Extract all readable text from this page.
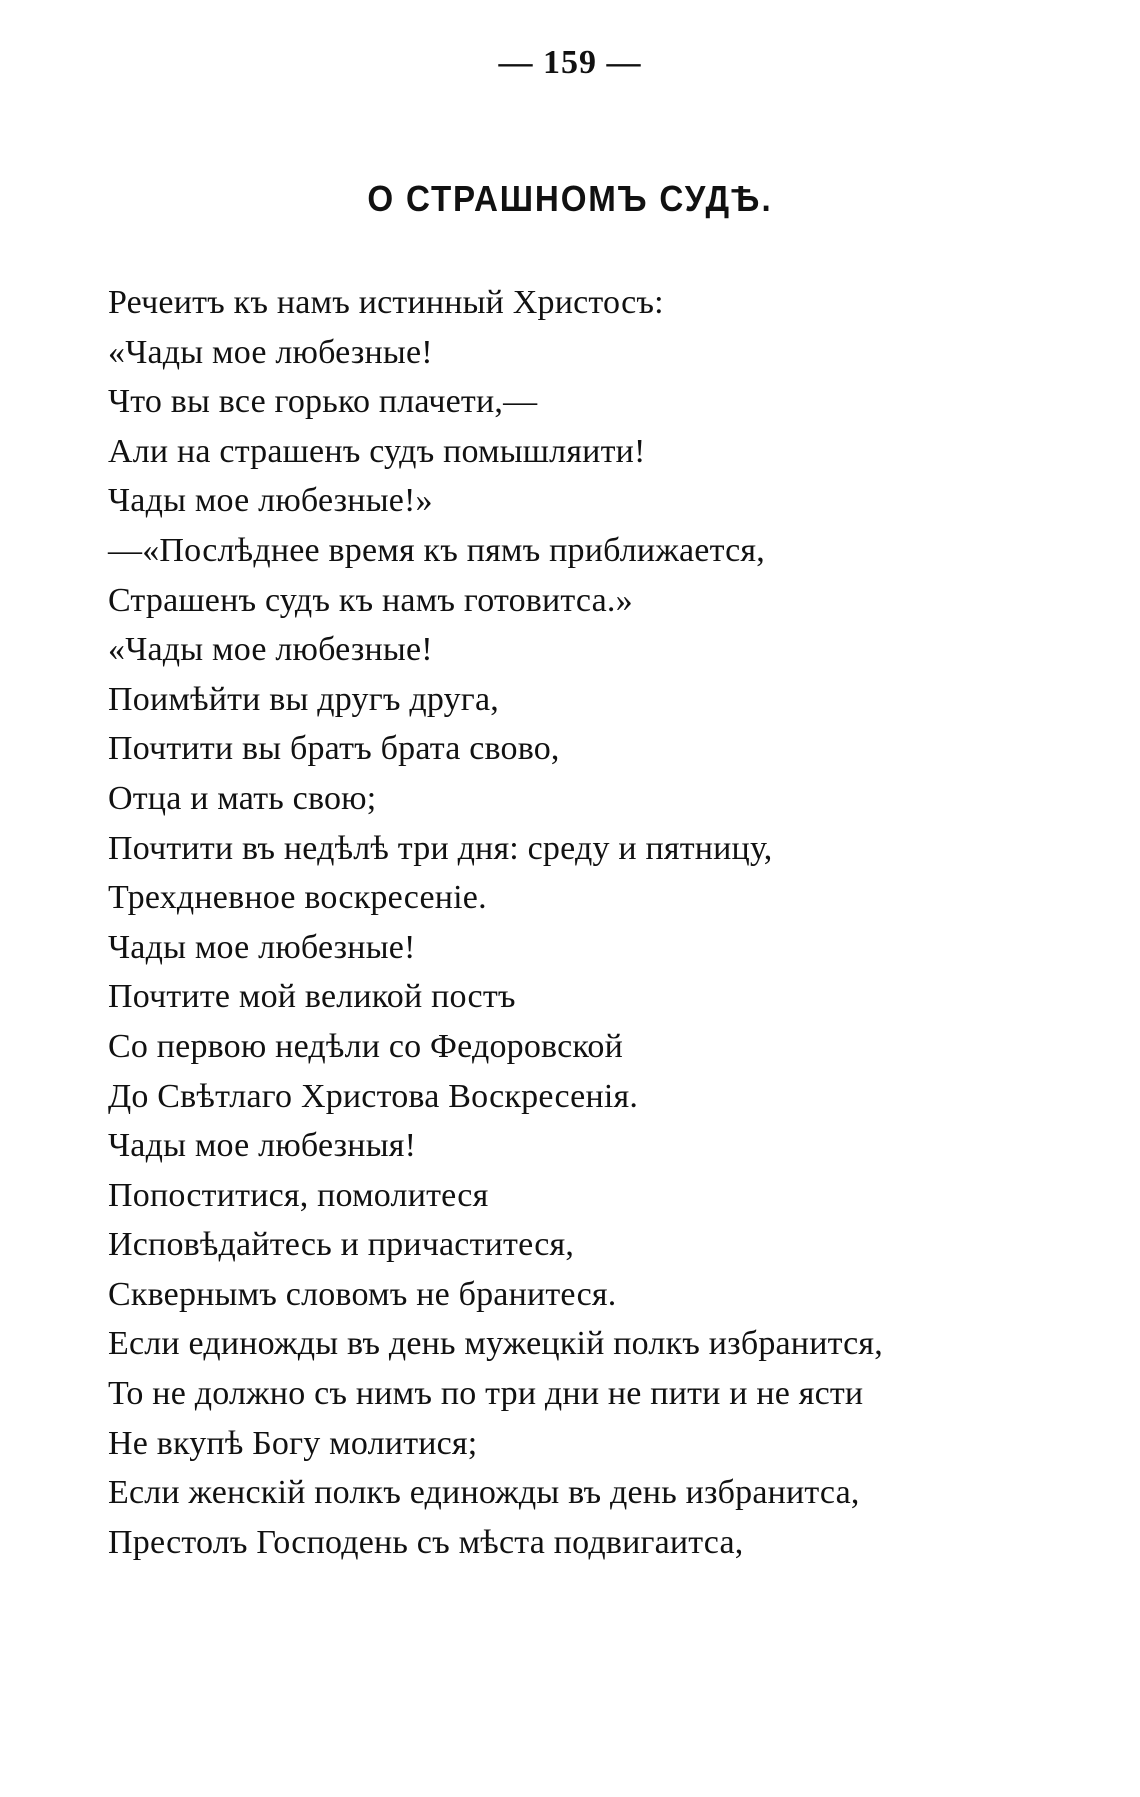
— 159 —
О СТРАШНОМЪ СУДѢ.
Речеитъ къ намъ истинный Христосъ:
«Чады мое любезные!
Что вы все горько плачети,—
Али на страшенъ судъ помышляити!
Чады мое любезные!»
—«Послѣднее время къ пямъ приближается,
Страшенъ судъ къ намъ готовитса.»
«Чады мое любезные!
Поимѣйти вы другъ друга,
Почтити вы братъ брата свово,
Отца и мать свою;
Почтити въ недѣлѣ три дня: среду и пятницу,
Трехдневное воскресеніе.
Чады мое любезные!
Почтите мой великой постъ
Со первою недѣли со Федоровской
До Свѣтлаго Христова Воскресенія.
Чады мое любезныя!
Попоститися, помолитеся
Исповѣдайтесь и причаститеся,
Сквернымъ словомъ не бранитеся.
Если единожды въ день мужецкій полкъ избранится,
То не должно съ нимъ по три дни не пити и не ясти
Не вкупѣ Богу молитися;
Если женскій полкъ единожды въ день избранитса,
Престолъ Господень съ мѣста подвигаитса,
